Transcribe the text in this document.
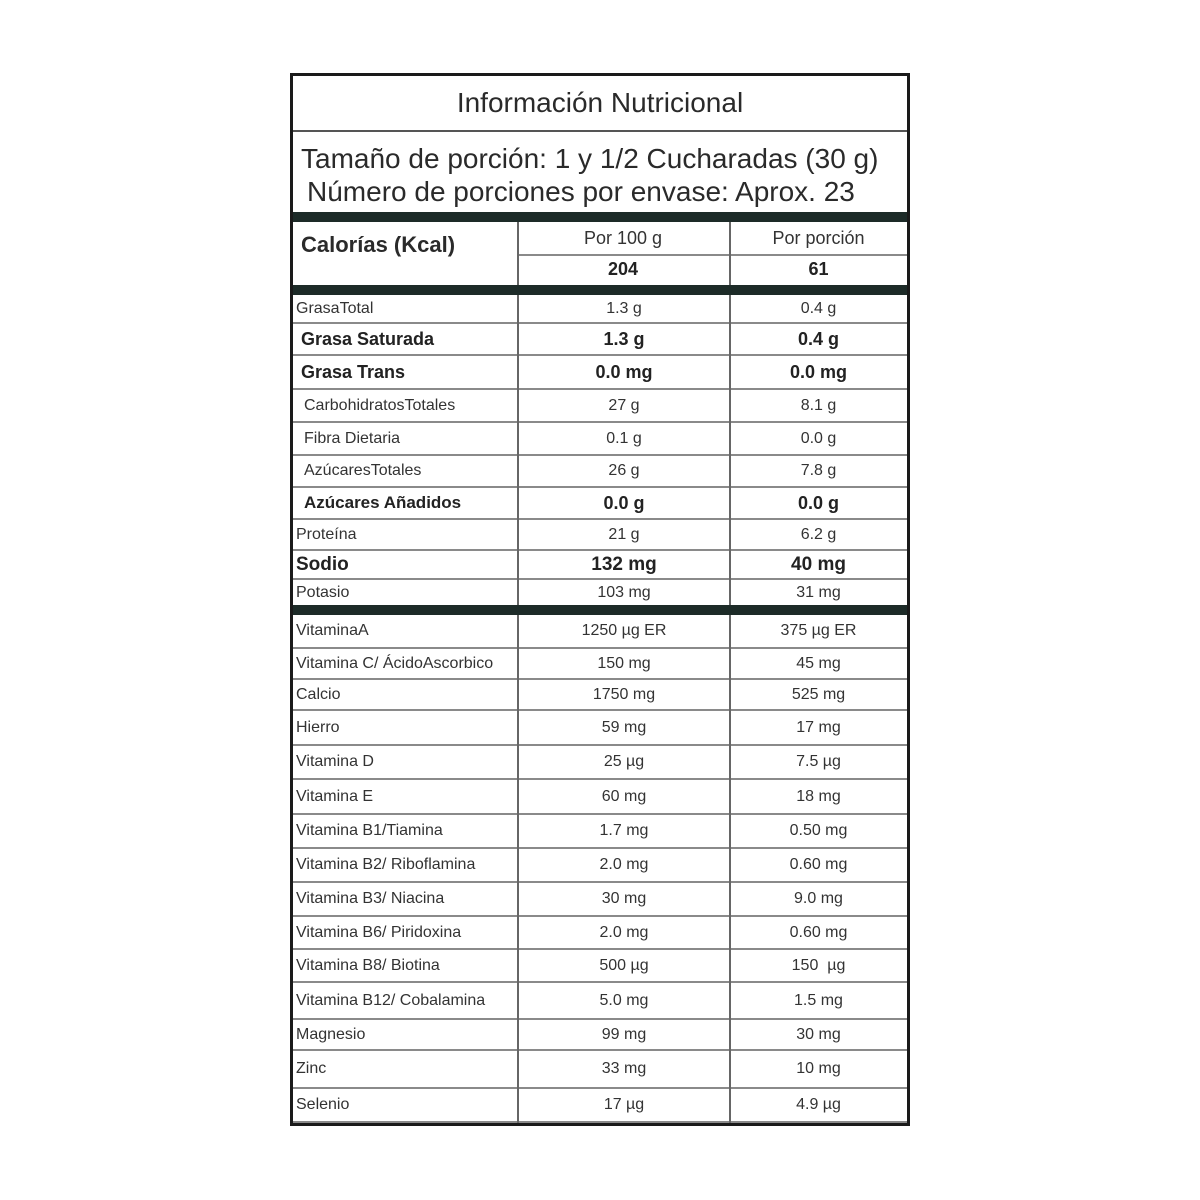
Información Nutricional
Tamaño de porción: 1 y 1/2 Cucharadas (30 g)
Número de porciones por envase: Aprox. 23
Calorías (Kcal)	Por 100 g	Por porción
204	61
GrasaTotal	1.3 g	0.4 g
Grasa Saturada	1.3 g	0.4 g
Grasa Trans	0.0 mg	0.0 mg
CarbohidratosTotales	27 g	8.1 g
Fibra Dietaria	0.1 g	0.0 g
AzúcaresTotales	26 g	7.8 g
Azúcares Añadidos	0.0 g	0.0 g
Proteína	21 g	6.2 g
Sodio	132 mg	40 mg
Potasio	103 mg	31 mg
VitaminaA	1250 µg ER	375 µg ER
Vitamina C/ ÁcidoAscorbico	150 mg	45 mg
Calcio	1750 mg	525 mg
Hierro	59 mg	17 mg
Vitamina D	25 µg	7.5 µg
Vitamina E	60 mg	18 mg
Vitamina B1/Tiamina	1.7 mg	0.50 mg
Vitamina B2/ Riboflamina	2.0 mg	0.60 mg
Vitamina B3/ Niacina	30 mg	9.0 mg
Vitamina B6/ Piridoxina	2.0 mg	0.60 mg
Vitamina B8/ Biotina	500 µg	150  µg
Vitamina B12/ Cobalamina	5.0 mg	1.5 mg
Magnesio	99 mg	30 mg
Zinc	33 mg	10 mg
Selenio	17 µg	4.9 µg
